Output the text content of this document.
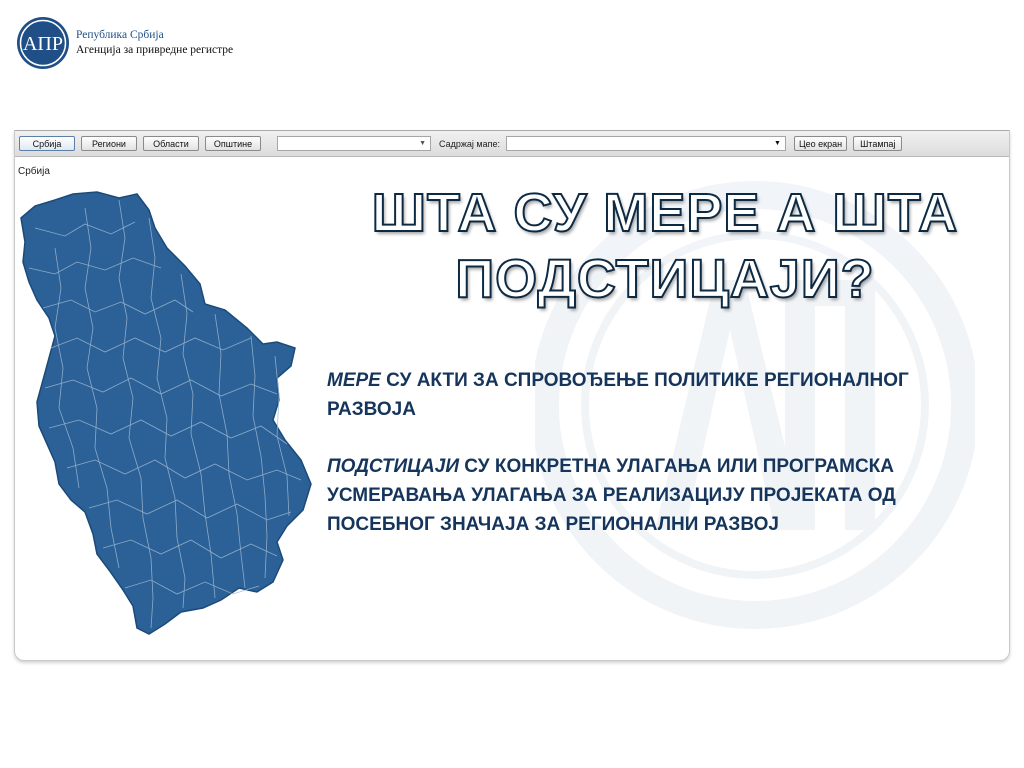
АПР Република Србија
Агенција за привредне регистре
Србија	Региони	Области	Општине	▼ Садржај мапе:	▼	Цео екран	Штампај
Србија
ШТА СУ МЕРЕ А ШТА
ПОДСТИЦАЈИ?
МЕРЕ СУ АКТИ ЗА СПРОВОЂЕЊЕ ПОЛИТИКЕ РЕГИОНАЛНОГ РАЗВОЈА
ПОДСТИЦАЈИ СУ КОНКРЕТНА УЛАГАЊА ИЛИ ПРОГРАМСКА УСМЕРАВАЊА УЛАГАЊА ЗА РЕАЛИЗАЦИЈУ ПРОЈЕКАТА ОД ПОСЕБНОГ ЗНАЧАЈА ЗА РЕГИОНАЛНИ РАЗВОЈ
